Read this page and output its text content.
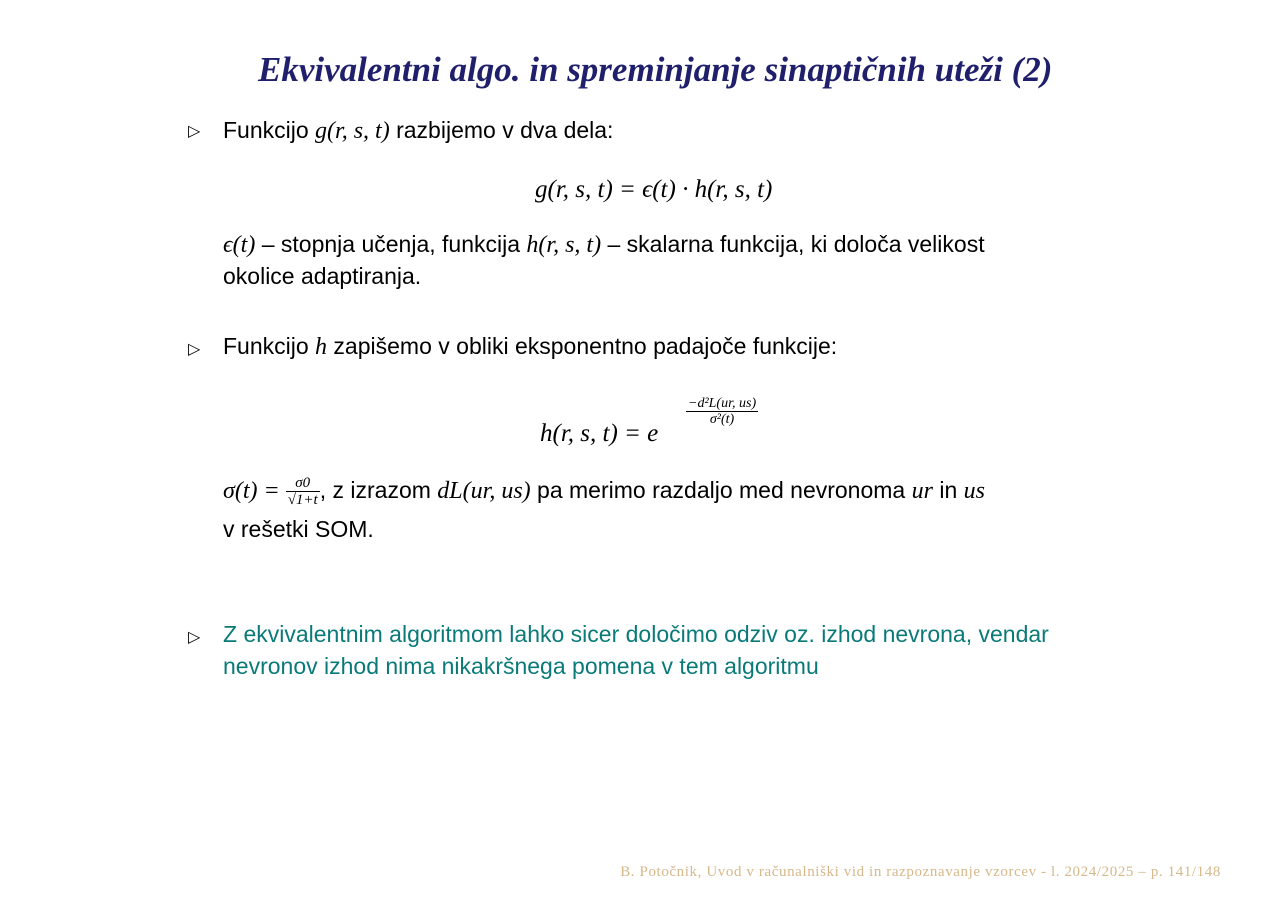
Ekvivalentni algo. in spreminjanje sinaptičnih uteži (2)
▷ Funkcijo g(r, s, t) razbijemo v dva dela:
g(r, s, t) = ϵ(t) · h(r, s, t)
ϵ(t) – stopnja učenja, funkcija h(r, s, t) – skalarna funkcija, ki določa velikost
okolice adaptiranja.
▷ Funkcijo h zapišemo v obliki eksponentno padajoče funkcije:
h(r, s, t) = e
$\frac{\text{−d²L(ur, us)}}{\text{σ²(t)}}$
$\sigma(t) = \frac{\sigma 0}{√1+t}$ , z izrazom dL(ur, us) pa merimo razdaljo med nevronoma ur in us
v rešetki SOM.
▷ Z ekvivalentnim algoritmom lahko sicer določimo odziv oz. izhod nevrona, vendar
nevronov izhod nima nikakršnega pomena v tem algoritmu
B. Potočnik, Uvod v računalniški vid in razpoznavanje vzorcev - l. 2024/2025 – p. 141/148
